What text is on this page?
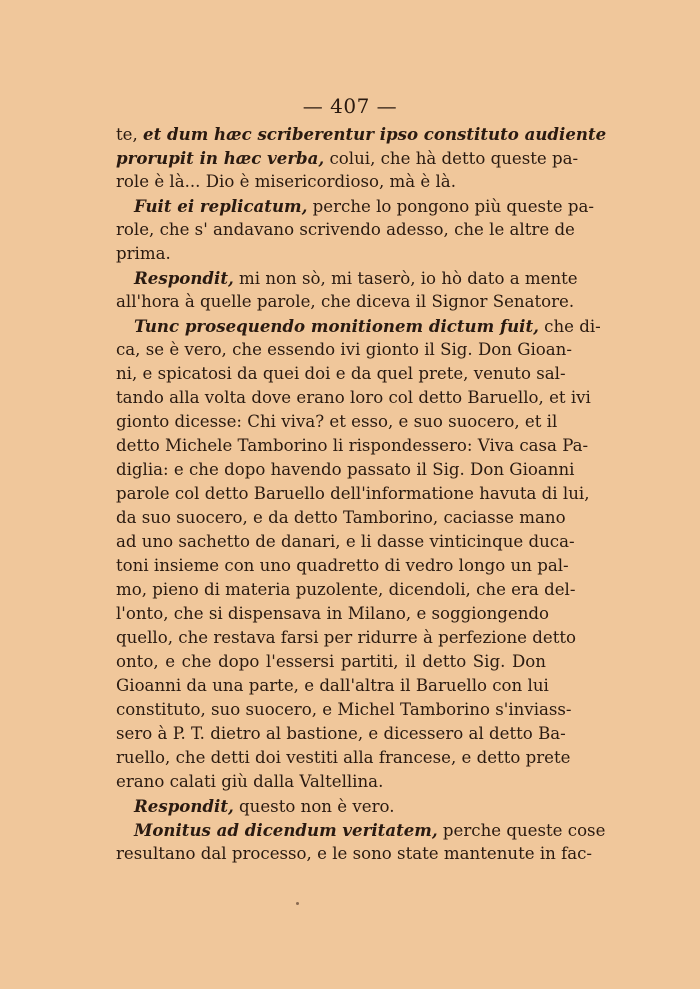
— 407 —
te, et dum hæc scriberentur ipso constituto audiente
prorupit in hæc verba, colui, che hà detto queste pa-
role è là... Dio è misericordioso, mà è là.
Fuit ei replicatum, perche lo pongono più queste pa-
role, che s' andavano scrivendo adesso, che le altre de
prima.
Respondit, mi non sò, mi taserò, io hò dato a mente
all'hora à quelle parole, che diceva il Signor Senatore.
Tunc prosequendo monitionem dictum fuit, che di-
ca, se è vero, che essendo ivi gionto il Sig. Don Gioan-
ni, e spicatosi da quei doi e da quel prete, venuto sal-
tando alla volta dove erano loro col detto Baruello, et ivi
gionto dicesse: Chi viva? et esso, e suo suocero, et il
detto Michele Tamborino li rispondessero: Viva casa Pa-
diglia: e che dopo havendo passato il Sig. Don Gioanni
parole col detto Baruello dell'informatione havuta di lui,
da suo suocero, e da detto Tamborino, caciasse mano
ad uno sachetto de danari, e li dasse vinticinque duca-
toni insieme con uno quadretto di vedro longo un pal-
mo, pieno di materia puzolente, dicendoli, che era del-
l'onto, che si dispensava in Milano, e soggiongendo
quello, che restava farsi per ridurre à perfezione detto
onto, e che dopo l'essersi partiti, il detto Sig. Don
Gioanni da una parte, e dall'altra il Baruello con lui
constituto, suo suocero, e Michel Tamborino s'inviass-
sero à P. T. dietro al bastione, e dicessero al detto Ba-
ruello, che detti doi vestiti alla francese, e detto prete
erano calati giù dalla Valtellina.
Respondit, questo non è vero.
Monitus ad dicendum veritatem, perche queste cose
resultano dal processo, e le sono state mantenute in fac-
